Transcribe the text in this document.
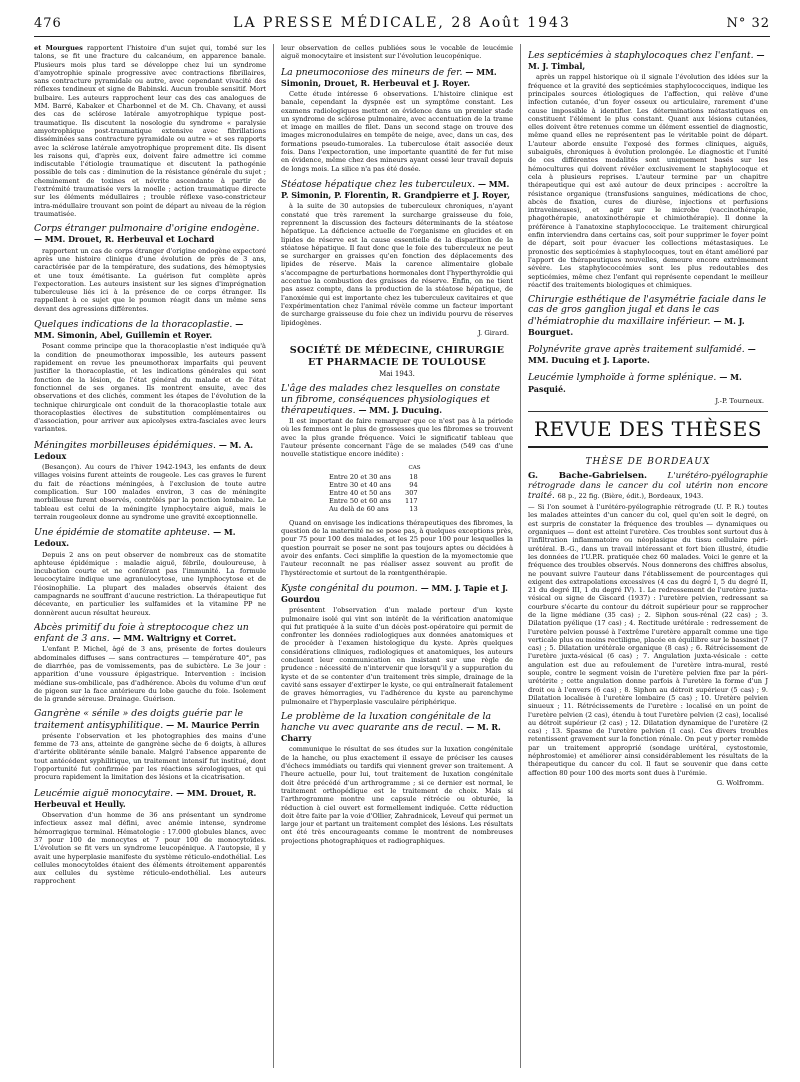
476	LA PRESSE MÉDICALE, 28 Août 1943	N° 32

et Mourgues rapportent l'histoire d'un sujet qui, tombé sur les talons, se fit une fracture du calcanéum, en apparence banale. Plusieurs mois plus tard se développe chez lui un syndrome d'amyotrophie spinale progressive avec contractions fibrillaires, sans contracture pyramidale ou autre, avec cependant vivacité des réflexes tendineux et signe de Babinski. Aucun trouble sensitif. Mort bulbaire. Les auteurs rapprochent leur cas des cas analogues de MM. Barré, Kabaker et Charbonnel et de M. Ch. Chavany, et aussi des cas de sclérose latérale amyotrophique typique post-traumatique. Ils discutent la nosologie du syndrome « paralysie amyotrophique post-traumatique extensive avec fibrillations disséminées sans contracture pyramidale ou autre » et ses rapports avec la sclérose latérale amyotrophique proprement dite. Ils disent les raisons qui, d'après eux, doivent faire admettre ici comme indiscutable l'étiologie traumatique et discutent la pathogénie possible de tels cas : diminution de la résistance générale du sujet ; cheminement de toxines et névrite ascendante à partir de l'extrémité traumatisée vers la moelle ; action traumatique directe sur les éléments médullaires ; trouble réflexe vaso-constricteur intra-médullaire trouvant son point de départ au niveau de la région traumatisée.

Corps étranger pulmonaire d'origine endogène. — MM. Drouet, R. Herbeuval et Lochard

rapportent un cas de corps étranger d'origine endogène expectoré après une histoire clinique d'une évolution de près de 3 ans, caractérisée par de la température, des sudations, des hémoptysies et une toux émétisante. La guérison fut complète après l'expectoration. Les auteurs insistent sur les signes d'imprégnation tuberculeuse liés ici à la présence de ce corps étranger. Ils rappellent à ce sujet que le poumon réagit dans un même sens devant des agressions différentes.

Quelques indications de la thoracoplastie. — MM. Simonin, Abel, Guillemin et Royer.

Posant comme principe que la thoracoplastie n'est indiquée qu'à la condition de pneumothorax impossible, les auteurs passent rapidement en revue les pneumothorax imparfaits qui peuvent justifier la thoracoplastie, et les indications générales qui sont fonction de la lésion, de l'état général du malade et de l'état fonctionnel de ses organes. Ils montrent ensuite, avec des observations et des clichés, comment les étapes de l'évolution de la technique chirurgicale ont conduit de la thoracoplastie totale aux thoracoplasties électives de substitution complémentaires ou d'association, pour arriver aux apicolyses extra-fasciales avec leurs variantes.

Méningites morbilleuses épidémiques. — M. A. Ledoux

(Besançon). Au cours de l'hiver 1942-1943, les enfants de deux villages voisins furent atteints de rougeole. Les cas graves le furent du fait de réactions méningées, à l'exclusion de toute autre complication. Sur 100 malades environ, 3 cas de méningite morbilleuse furent observés, contrôlés par la ponction lombaire. Le tableau est celui de la méningite lymphocytaire aiguë, mais le terrain rougeoleux donne au syndrome une gravité exceptionnelle.

Une épidémie de stomatite aphteuse. — M. Ledoux.

Depuis 2 ans on peut observer de nombreux cas de stomatite aphteuse épidémique : maladie aiguë, fébrile, douloureuse, à incubation courte et ne conférant pas l'immunité. La formule leucocytaire indique une agranulocytose, une lymphocytose et de l'éosinophilie. La plupart des malades observés étaient des campagnards ne souffrant d'aucune restriction. La thérapeutique fut décevante, en particulier les sulfamides et la vitamine PP ne donnèrent aucun résultat heureux.

Abcès primitif du foie à streptocoque chez un enfant de 3 ans. — MM. Waltrigny et Corret.

L'enfant P. Michel, âgé de 3 ans, présente de fortes douleurs abdominales diffuses — sans contractures — température 40°, pas de diarrhée, pas de vomissements, pas de subictère. Le 3e jour : apparition d'une voussure épigastrique. Intervention : incision médiane sus-ombilicale, pas d'adhérence. Abcès du volume d'un œuf de pigeon sur la face antérieure du lobe gauche du foie. Isolement de la grande séreuse. Drainage. Guérison.

Gangrène « sénile » des doigts guérie par le traitement antisyphilitique. — M. Maurice Perrin

présente l'observation et les photographies des mains d'une femme de 73 ans, atteinte de gangrène sèche de 6 doigts, à allures d'artérite oblitérante sénile banale. Malgré l'absence apparente de tout antécédent syphilitique, un traitement intensif fut institué, dont l'opportunité fut confirmée par les réactions sérologiques, et qui procura rapidement la limitation des lésions et la cicatrisation.

Leucémie aiguë monocytaire. — MM. Drouet, R. Herbeuval et Heully.

Observation d'un homme de 36 ans présentant un syndrome infectieux assez mal défini, avec anémie intense, syndrome hémorragique terminal. Hématologie : 17.000 globules blancs, avec 37 pour 100 de monocytes et 7 pour 100 de monocytoïdes. L'évolution se fit vers un syndrome leucopénique. A l'autopsie, il y avait une hyperplasie manifeste du système réticulo-endothélial. Les cellules monocytoïdes étaient des éléments étroitement apparentés aux cellules du système réticulo-endothélial. Les auteurs rapprochent

leur observation de celles publiées sous le vocable de leucémie aiguë monocytaire et insistent sur l'évolution leucopénique.

La pneumoconiose des mineurs de fer. — MM. Simonin, Drouet, R. Herbeuval et J. Royer.

Cette étude intéresse 6 observations. L'histoire clinique est banale, cependant la dyspnée est un symptôme constant. Les examens radiologiques mettent en évidence dans un premier stade un syndrome de sclérose pulmonaire, avec accentuation de la trame et image en mailles de filet. Dans un second stage on trouve des images micronodulaires en tempête de neige, avec, dans un cas, des formations pseudo-tumorales. La tuberculose était associée deux fois. Dans l'expectoration, une importante quantité de fer fut mise en évidence, même chez des mineurs ayant cessé leur travail depuis de longs mois. La silice n'a pas été dosée.

Stéatose hépatique chez les tuberculeux. — MM. P. Simonin, P. Florentin, R. Grandpierre et J. Royer,

à la suite de 30 autopsies de tuberculeux chroniques, n'ayant constaté que très rarement la surcharge graisseuse du foie, reprennent la discussion des facteurs déterminants de la stéatose hépatique. La déficience actuelle de l'organisme en glucides et en lipides de réserve est la cause essentielle de la disparition de la stéatose hépatique. Il faut donc que le foie des tuberculeux ne peut se surcharger en graisses qu'en fonction des déplacements des lipides de réserve. Mais la carence alimentaire globale s'accompagne de perturbations hormonales dont l'hyperthyroïdie qui accentue la combustion des graisses de réserve. Enfin, on ne tient pas assez compte, dans la production de la stéatose hépatique, de l'anoxémie qui est importante chez les tuberculeux cavitaires et que l'expérimentation chez l'animal révèle comme un facteur important de surcharge graisseuse du foie chez un individu pourvu de réserves lipidogènes.

J. Girard.
SOCIÉTÉ DE MÉDECINE, CHIRURGIE ET PHARMACIE DE TOULOUSE
Mai 1943.
L'âge des malades chez lesquelles on constate un fibrome, conséquences physiologiques et thérapeutiques. — MM. J. Ducuing.

Il est important de faire remarquer que ce n'est pas à la période où les femmes ont le plus de grossesses que les fibromes se trouvent avec la plus grande fréquence. Voici le significatif tableau que l'auteur présente concernant l'âge de se malades (549 cas d'une nouvelle statistique encore inédite) :

	CAS
Entre 20 et 30 ans	18
Entre 30 et 40 ans	94
Entre 40 et 50 ans	307
Entre 50 et 60 ans	117
Au delà de 60 ans	13

Quand on envisage les indications thérapeutiques des fibromes, la question de la maternité ne se pose pas, à quelques exceptions près, pour 75 pour 100 des malades, et les 25 pour 100 pour lesquelles la question pourrait se poser ne sont pas toujours aptes ou décidées à avoir des enfants. Ceci simplifie la question de la myomectomie que l'auteur reconnaît ne pas réaliser assez souvent au profit de l'hystérectomie et surtout de la rœntgenthérapie.

Kyste congénital du poumon. — MM. J. Tapie et J. Gourdou

présentent l'observation d'un malade porteur d'un kyste pulmonaire isolé qui vint son intérêt de la vérification anatomique qui fut pratiquée à la suite d'un décès post-opératoire qui permit de confronter les données radiologiques aux données anatomiques et de procéder à l'examen histologique du kyste. Après quelques considérations cliniques, radiologiques et anatomiques, les auteurs concluent leur communication en insistant sur une règle de prudence : nécessité de n'intervenir que lorsqu'il y a suppuration du kyste et de se contenter d'un traitement très simple, drainage de la cavité sans essayer d'extirper le kyste, ce qui entraînerait fatalement de graves hémorragies, vu l'adhérence du kyste au parenchyme pulmonaire et l'hyperplasie vasculaire périphérique.

Le problème de la luxation congénitale de la hanche vu avec quarante ans de recul. — M. R. Charry

communique le résultat de ses études sur la luxation congénitale de la hanche, ou plus exactement il essaye de préciser les causes d'échecs immédiats ou tardifs qui viennent grever son traitement. A l'heure actuelle, pour lui, tout traitement de luxation congénitale doit être précédé d'un arthrogramme ; si ce dernier est normal, le traitement orthopédique est le traitement de choix. Mais si l'arthrogramme montre une capsule rétrécie ou obturée, la réduction à ciel ouvert est formellement indiquée. Cette réduction doit être faite par la voie d'Ollier, Zahradnicek, Leveuf qui permet un large jour et partant un traitement complet des lésions. Les résultats ont été très encourageants comme le montrent de nombreuses projections photographiques et radiographiques.

Les septicémies à staphylocoques chez l'enfant. — M. J. Timbal,

après un rappel historique où il signale l'évolution des idées sur la fréquence et la gravité des septicémies staphylococciques, indique les principales sources étiologiques de l'affection, qui relève d'une infection cutanée, d'un foyer osseux ou articulaire, rarement d'une cause impossible à identifier. Les déterminations métastatiques en constituent l'élément le plus constant. Quant aux lésions cutanées, elles doivent être retenues comme un élément essentiel de diagnostic, même quand elles ne représentent pas le véritable point de départ. L'auteur aborde ensuite l'exposé des formes cliniques, aiguës, subaiguës, chroniques à évolution prolongée. Le diagnostic et l'unité de ces différentes modalités sont uniquement basés sur les hémocultures qui doivent révéler exclusivement le staphylocoque et cela à plusieurs reprises. L'auteur termine par un chapitre thérapeutique qui est axé autour de deux principes : accroître la résistance organique (transfusions sanguines, médications de choc, abcès de fixation, cures de diurèse, injections et perfusions intraveineuses), et agir sur le microbe (vaccinothérapie, phagothérapie, anatoxinothérapie et chimiothérapie). Il donne la préférence à l'anatoxine staphylococcique. Le traitement chirurgical enfin interviendra dans certains cas, soit pour supprimer le foyer point de départ, soit pour évacuer les collections métastasiques. Le pronostic des septicémies à staphylocoques, tout en étant amélioré par l'apport de thérapeutiques nouvelles, demeure encore extrêmement sévère. Les staphylococcémies sont les plus redoutables des septicémies, même chez l'enfant qui représente cependant le meilleur réactif des traitements biologiques et chimiques.

Chirurgie esthétique de l'asymétrie faciale dans le cas de gros ganglion jugal et dans le cas d'hémiatrophie du maxillaire inférieur. — M. J. Bourguet.
Polynévrite grave après traitement sulfamidé. — MM. Ducuing et J. Laporte.
Leucémie lymphoïde à forme splénique. — M. Pasquié.
J.-P. Tourneux.
REVUE DES THÈSES
THÈSE DE BORDEAUX
G. Bache-Gabrielsen. L'urétéro-pyélographie rétrograde dans le cancer du col utérin non encore traité. 68 p., 22 fig. (Bière, édit.), Bordeaux, 1943.

— Si l'on soumet à l'urétéro-pyélographie rétrograde (U. P. R.) toutes les malades atteintes d'un cancer du col, quel qu'en soit le degré, on est surpris de constater la fréquence des troubles — dynamiques ou organiques — dont est atteint l'uretère. Ces troubles sont surtout dus à l'infiltration inflammatoire ou néoplasique du tissu cellulaire péri-urétéral. B.-G., dans un travail intéressant et fort bien illustré, étudie les données de l'U.P.R. pratiquée chez 60 malades. Voici le genre et la fréquence des troubles observés. Nous donnerons des chiffres absolus, ne pouvant suivre l'auteur dans l'établissement de pourcentages qui exigent des extrapolations excessives (4 cas du degré I, 5 du degré II, 21 du degré III, 1 du degré IV). 1. Le redressement de l'uretère juxta-vésical ou signe de Giscard (1937) : l'uretère pelvien, redressant sa courbure s'écarte du contour du détroit supérieur pour se rapprocher de la ligne médiane (35 cas) ; 2. Siphon sous-rénal (22 cas) ; 3. Dilatation pyélique (17 cas) ; 4. Rectitude urétérale : redressement de l'uretère pelvien poussé à l'extrême l'uretère apparaît comme une tige verticale plus ou moins rectiligne, placée en équilibre sur le bassinet (7 cas) ; 5. Dilatation urétérale organique (8 cas) ; 6. Rétrécissement de l'uretère juxta-vésical (6 cas) ; 7. Angulation juxta-vésicale : cette angulation est due au refoulement de l'uretère intra-mural, resté souple, contre le segment voisin de l'uretère pelvien fixe par la péri-urétérite ; cette angulation donne parfois à l'uretère la forme d'un J droit ou à l'envers (6 cas) ; 8. Siphon au détroit supérieur (5 cas) ; 9. Dilatation localisée à l'uretère lombaire (5 cas) ; 10. Uretère pelvien sinueux ; 11. Rétrécissements de l'uretère : localisé en un point de l'uretère pelvien (2 cas), étendu à tout l'uretère pelvien (2 cas), localisé au détroit supérieur (2 cas) ; 12. Dilatation dynamique de l'uretère (2 cas) ; 13. Spasme de l'uretère pelvien (1 cas). Ces divers troubles retentissent gravement sur la fonction rénale. On peut y porter remède par un traitement approprié (sondage urétéral, cystostomie, néphrostomie) et améliorer ainsi considérablement les résultats de la thérapeutique du cancer du col. Il faut se souvenir que dans cette affection 80 pour 100 des morts sont dues à l'urémie.

G. Wolfromm.
